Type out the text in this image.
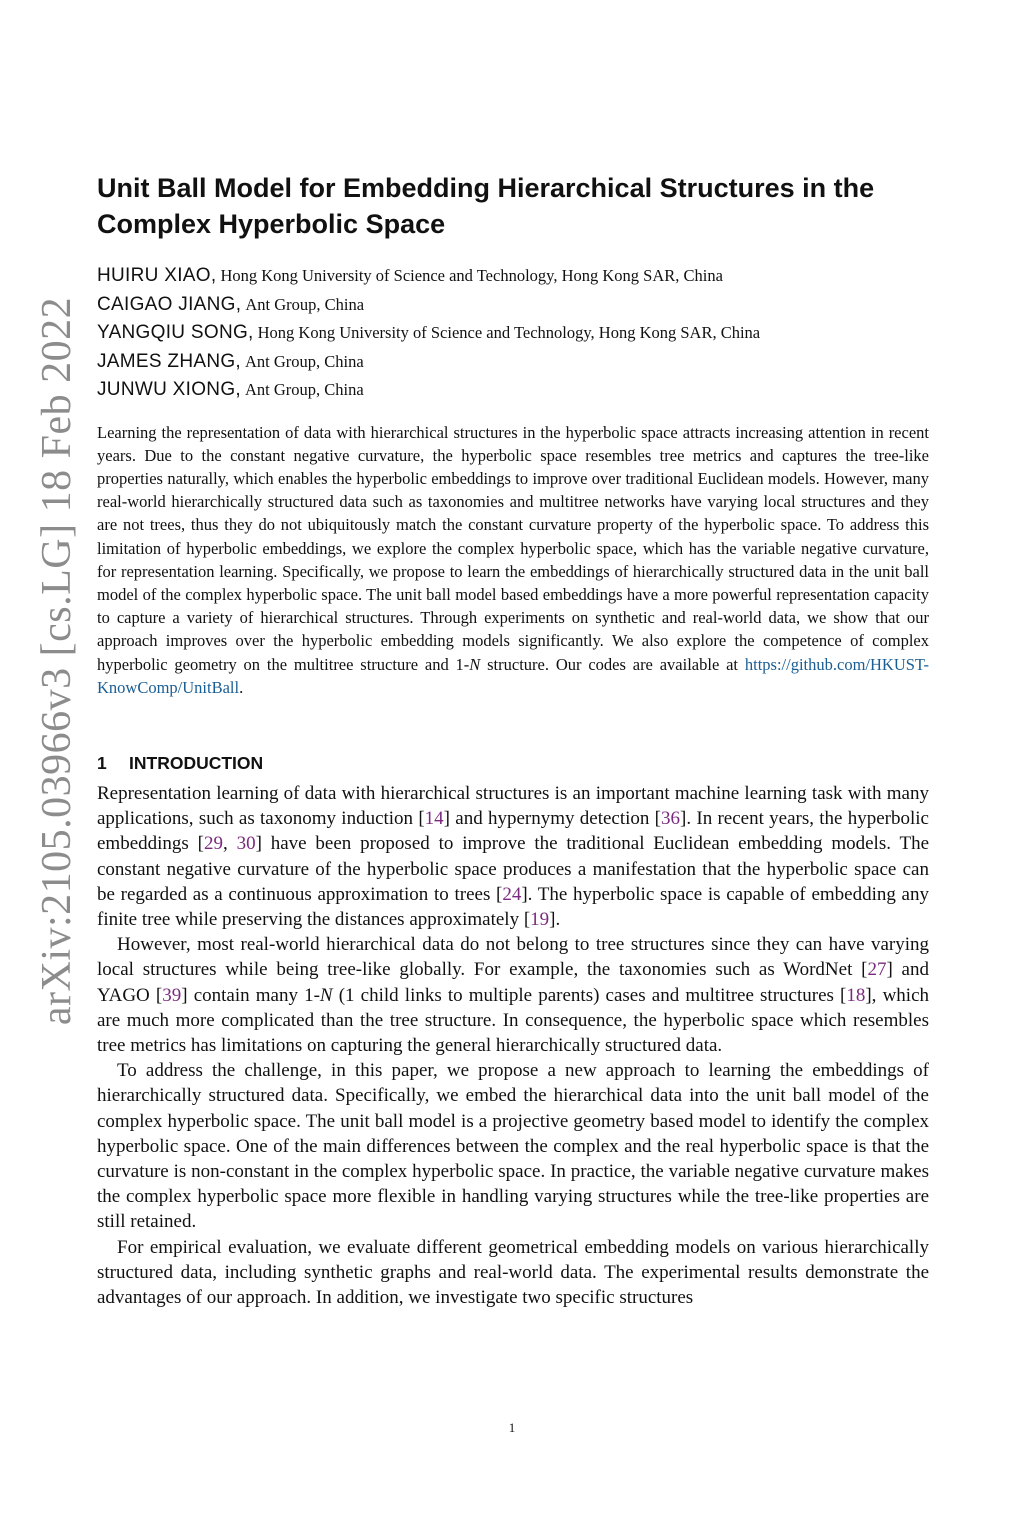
arXiv:2105.03966v3 [cs.LG] 18 Feb 2022
Unit Ball Model for Embedding Hierarchical Structures in the Complex Hyperbolic Space
HUIRU XIAO, Hong Kong University of Science and Technology, Hong Kong SAR, China
CAIGAO JIANG, Ant Group, China
YANGQIU SONG, Hong Kong University of Science and Technology, Hong Kong SAR, China
JAMES ZHANG, Ant Group, China
JUNWU XIONG, Ant Group, China

Learning the representation of data with hierarchical structures in the hyperbolic space attracts increasing attention in recent years. Due to the constant negative curvature, the hyperbolic space resembles tree metrics and captures the tree-like properties naturally, which enables the hyperbolic embeddings to improve over traditional Euclidean models. However, many real-world hierarchically structured data such as taxonomies and multitree networks have varying local structures and they are not trees, thus they do not ubiquitously match the constant curvature property of the hyperbolic space. To address this limitation of hyperbolic embeddings, we explore the complex hyperbolic space, which has the variable negative curvature, for representation learning. Specifically, we propose to learn the embeddings of hierarchically structured data in the unit ball model of the complex hyperbolic space. The unit ball model based embeddings have a more powerful representation capacity to capture a variety of hierarchical structures. Through experiments on synthetic and real-world data, we show that our approach improves over the hyperbolic embedding models significantly. We also explore the competence of complex hyperbolic geometry on the multitree structure and 1-N structure. Our codes are available at https://github.com/HKUST-KnowComp/UnitBall.

1 INTRODUCTION

Representation learning of data with hierarchical structures is an important machine learning task with many applications, such as taxonomy induction [14] and hypernymy detection [36]. In recent years, the hyperbolic embeddings [29, 30] have been proposed to improve the traditional Euclidean embedding models. The constant negative curvature of the hyperbolic space produces a manifestation that the hyperbolic space can be regarded as a continuous approximation to trees [24]. The hyperbolic space is capable of embedding any finite tree while preserving the distances approximately [19].

However, most real-world hierarchical data do not belong to tree structures since they can have varying local structures while being tree-like globally. For example, the taxonomies such as WordNet [27] and YAGO [39] contain many 1-N (1 child links to multiple parents) cases and multitree structures [18], which are much more complicated than the tree structure. In consequence, the hyperbolic space which resembles tree metrics has limitations on capturing the general hierarchically structured data.

To address the challenge, in this paper, we propose a new approach to learning the embeddings of hierarchically structured data. Specifically, we embed the hierarchical data into the unit ball model of the complex hyperbolic space. The unit ball model is a projective geometry based model to identify the complex hyperbolic space. One of the main differences between the complex and the real hyperbolic space is that the curvature is non-constant in the complex hyperbolic space. In practice, the variable negative curvature makes the complex hyperbolic space more flexible in handling varying structures while the tree-like properties are still retained.

For empirical evaluation, we evaluate different geometrical embedding models on various hierarchically structured data, including synthetic graphs and real-world data. The experimental results demonstrate the advantages of our approach. In addition, we investigate two specific structures

1
